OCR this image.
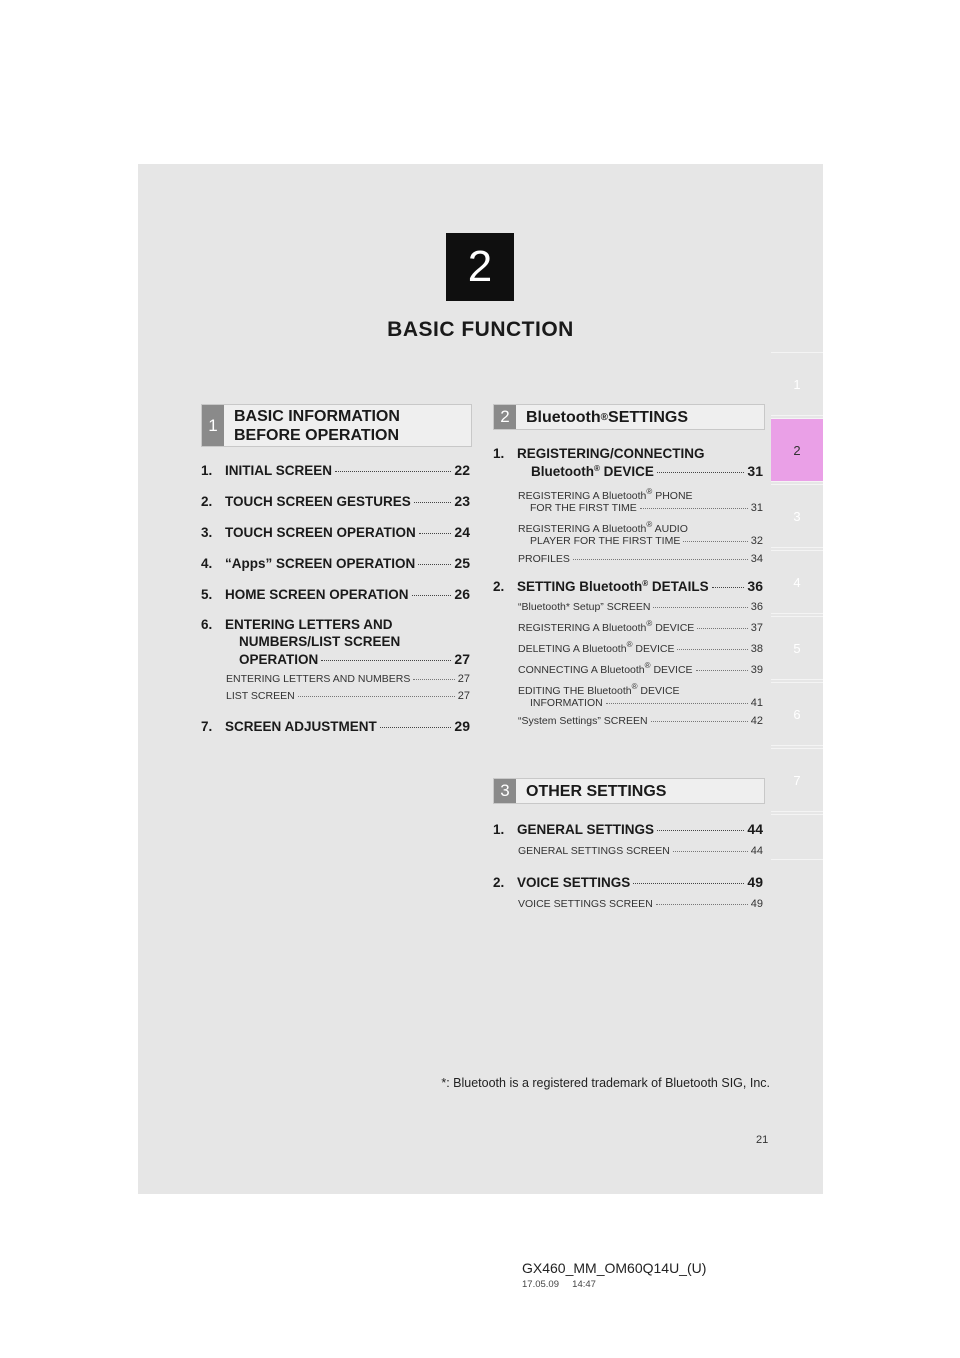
2
BASIC FUNCTION
1
2
3
4
5
6
7
1	BASIC INFORMATION BEFORE OPERATION
1. INITIAL SCREEN	22
2. TOUCH SCREEN GESTURES	23
3. TOUCH SCREEN OPERATION	24
4. “Apps” SCREEN OPERATION	25
5. HOME SCREEN OPERATION	26
6. ENTERING LETTERS AND
NUMBERS/LIST SCREEN
OPERATION	27
ENTERING LETTERS AND NUMBERS	27
LIST SCREEN	27
7. SCREEN ADJUSTMENT	29
2	Bluetooth ® SETTINGS
1. REGISTERING/CONNECTING
Bluetooth® DEVICE	31
REGISTERING A Bluetooth® PHONE
FOR THE FIRST TIME	31
REGISTERING A Bluetooth® AUDIO
PLAYER FOR THE FIRST TIME	32
PROFILES	34
2. SETTING Bluetooth® DETAILS	36
“Bluetooth* Setup” SCREEN	36
REGISTERING A Bluetooth® DEVICE	37
DELETING A Bluetooth® DEVICE	38
CONNECTING A Bluetooth® DEVICE	39
EDITING THE Bluetooth® DEVICE
INFORMATION	41
“System Settings” SCREEN	42
3	OTHER SETTINGS
1. GENERAL SETTINGS	44
GENERAL SETTINGS SCREEN	44
2. VOICE SETTINGS	49
VOICE SETTINGS SCREEN	49
*: Bluetooth is a registered trademark of Bluetooth SIG, Inc.
21
GX460_MM_OM60Q14U_(U)
17.05.09     14:47
